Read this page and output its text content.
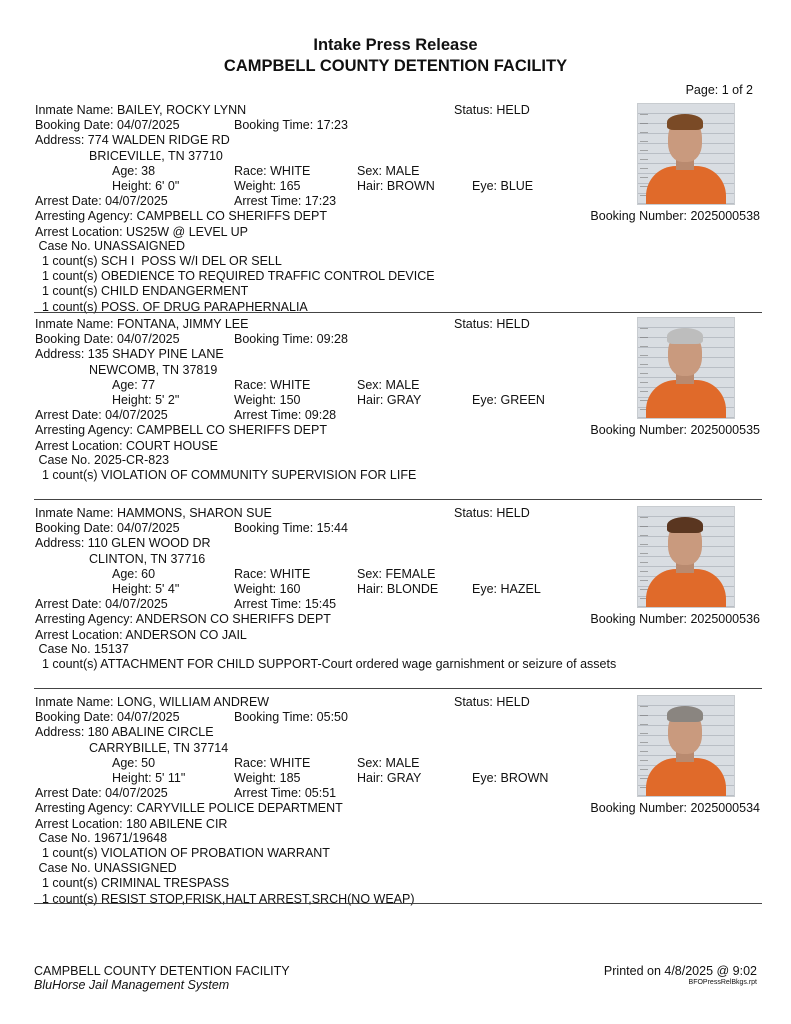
Intake Press Release
CAMPBELL COUNTY DETENTION FACILITY
Page: 1 of 2
Inmate Name: BAILEY, ROCKY LYNN	Status: HELD
Booking Date: 04/07/2025	Booking Time: 17:23
Address: 774 WALDEN RIDGE RD
BRICEVILLE, TN 37710
Age: 38	Race: WHITE	Sex: MALE
Height: 6' 0"	Weight: 165	Hair: BROWN	Eye: BLUE
Arrest Date: 04/07/2025	Arrest Time: 17:23
Arresting Agency: CAMPBELL CO SHERIFFS DEPT
Arrest Location: US25W @ LEVEL UP
Booking Number: 2025000538
Case No. UNASSAIGNED
1 count(s) SCH I  POSS W/I DEL OR SELL
1 count(s) OBEDIENCE TO REQUIRED TRAFFIC CONTROL DEVICE
1 count(s) CHILD ENDANGERMENT
1 count(s) POSS. OF DRUG PARAPHERNALIA
Inmate Name: FONTANA, JIMMY LEE	Status: HELD
Booking Date: 04/07/2025	Booking Time: 09:28
Address: 135 SHADY PINE LANE
NEWCOMB, TN 37819
Age: 77	Race: WHITE	Sex: MALE
Height: 5' 2"	Weight: 150	Hair: GRAY	Eye: GREEN
Arrest Date: 04/07/2025	Arrest Time: 09:28
Arresting Agency: CAMPBELL CO SHERIFFS DEPT
Arrest Location: COURT HOUSE
Booking Number: 2025000535
Case No. 2025-CR-823
1 count(s) VIOLATION OF COMMUNITY SUPERVISION FOR LIFE
Inmate Name: HAMMONS, SHARON SUE	Status: HELD
Booking Date: 04/07/2025	Booking Time: 15:44
Address: 110 GLEN WOOD DR
CLINTON, TN 37716
Age: 60	Race: WHITE	Sex: FEMALE
Height: 5' 4"	Weight: 160	Hair: BLONDE	Eye: HAZEL
Arrest Date: 04/07/2025	Arrest Time: 15:45
Arresting Agency: ANDERSON CO SHERIFFS DEPT
Arrest Location: ANDERSON CO JAIL
Booking Number: 2025000536
Case No. 15137
1 count(s) ATTACHMENT FOR CHILD SUPPORT-Court ordered wage garnishment or seizure of assets
Inmate Name: LONG, WILLIAM ANDREW	Status: HELD
Booking Date: 04/07/2025	Booking Time: 05:50
Address: 180 ABALINE CIRCLE
CARRYBILLE, TN 37714
Age: 50	Race: WHITE	Sex: MALE
Height: 5' 11"	Weight: 185	Hair: GRAY	Eye: BROWN
Arrest Date: 04/07/2025	Arrest Time: 05:51
Arresting Agency: CARYVILLE POLICE DEPARTMENT
Arrest Location: 180 ABILENE CIR
Booking Number: 2025000534
Case No. 19671/19648
1 count(s) VIOLATION OF PROBATION WARRANT
Case No. UNASSIGNED
1 count(s) CRIMINAL TRESPASS
1 count(s) RESIST STOP,FRISK,HALT ARREST,SRCH(NO WEAP)
CAMPBELL COUNTY DETENTION FACILITY
BluHorse Jail Management System
Printed on 4/8/2025 @ 9:02
BFOPressRelBkgs.rpt
